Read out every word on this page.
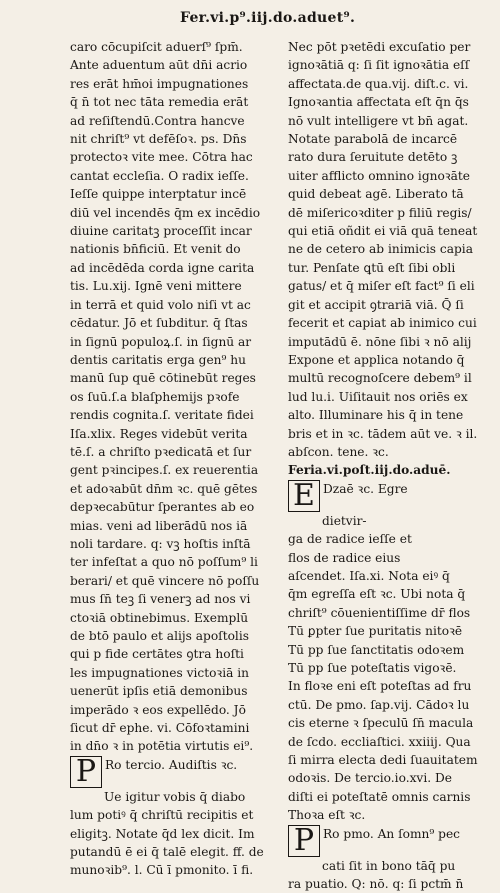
Fer.vi.p⁹.iij.do.aduet⁹.
caro cōcupiſcit aduerſ⁹ ſpm̄.
Ante aduentum aūt dn̄i acrio
res erāt hm̄oi impugnationes
q̄ n̄ tot nec tāta remedia erāt
ad reſiſtendū.Contra hancve
nit chriſt⁹ vt defēſoꝛ. ps. Dn̄s
protectoꝛ vite mee. Cōtra hac
cantat eccleſia. O radix ieſſe.
Ieſſe quippe interptatur incē
diū vel incendēs q̄m ex incēdio
diuine caritatꝫ proceſſit incar
nationis bn̄ficiū. Et venit do
ad incēdēda corda igne carita
tis. Lu.xij. Ignē veni mittere
in terrā et quid volo niſi vt ac
cēdatur. Jō et ſubditur. q̄ ſtas
in ſignū populoꝝ.ſ. in ſignū ar
dentis caritatis erga gen⁹ hu
manū ſup quē cōtinebūt reges
os ſuū.ſ.a blaſphemijs pꝛofe
rendis cognita.ſ. veritate fidei
Iſa.xlix. Reges videbūt verita
tē.ſ. a chriſto pꝛedicatā et ſur
gent pꝛincipes.ſ. ex reuerentia
et adoꝛabūt dn̄m ꝛc. quē gētes
depꝛecabūtur ſperantes ab eo
mias. veni ad liberādū nos iā
noli tardare. q: vꝫ hoſtis inſtā
ter infeſtat a quo nō poſſum⁹ li
berari/ et quē vincere nō poſſu
mus ſn̄ teꝫ ſi venerꝫ ad nos vi
ctoꝛiā obtinebimus. Exemplū
de btō paulo et alijs apoſtolis
qui p fide certātes ꝯtra hoſti
les impugnationes victoꝛiā in
uenerūt ipſis etiā demonibus
imperādo ꝛ eos expellēdo. Jō
ſicut dr̄ ephe. vi. Cōfoꝛtamini
in dn̄o ꝛ in potētia virtutis ei⁹.
P Ro tercio. Audiſtis ꝛc.
Ue igitur vobis q̄ diabo
lum potiꝰ q̄ chriſtū recipitis et
eligitꝫ. Notate q̄d lex dicit. Im
putandū ē ei q̄ talē elegit. ff. de
munoꝛib⁹. l. Cū ī pmonito. ī fi.
Nec pōt pꝛetēdi excuſatio per
ignoꝛātiā q: ſi ſit ignoꝛātia eſſ
affectata.de qua.vij. diſt.c. vi.
Ignoꝛantia affectata eſt q̄n q̄s
nō vult intelligere vt bn̄ agat.
Notate parabolā de incarcē
rato dura ſeruitute detēto ꝫ
uiter afflicto omnino ignoꝛāte
quid debeat agē. Liberato tā
dē miſericoꝛditer p filiū regis/
qui etiā oñdit ei viā quā teneat
ne de cetero ab inimicis capia
tur. Penſate ꝗtū eſt ſibi obli
gatus/ et q̄ miſer eſt fact⁹ ſi eli
git et accipit ꝯtrariā viā. Q̄ ſi
fecerit et capiat ab inimico cui
imputādū ē. nōne ſibi ꝛ nō alij
Expone et applica notando q̄
multū recognoſcere debem⁹ il
lud lu.i. Uiſitauit nos oriēs ex
alto. Illuminare his q̄ in tene
bris et in ꝛc. tādem aūt ve. ꝛ il.
abſcon. tene. ꝛc.
Feria.vi.poſt.iij.do.aduē.
E Dzaē ꝛc. Egre
dietvir-
ga de radice ieſſe et
flos de radice eius
aſcendet. Iſa.xi. Nota eiꝰ q̄
q̄m egreſſa eſt ꝛc. Ubi nota q̄
chriſt⁹ cōuenientiſſime dr̄ flos
Tū ꝑpter ſue puritatis nitoꝛē
Tū pp ſue ſanctitatis odoꝛem
Tū pp ſue poteſtatis vigoꝛē.
In floꝛe eni eſt poteſtas ad fru
ctū. De pmo. ſap.vij. Cādoꝛ lu
cis eterne ꝛ ſpeculū ſn̄ macula
de ſcdo. eccliaſtici. xxiiij. Qua
ſi mirra electa dedi ſuauitatem
odoꝛis. De tercio.io.xvi. De
diſti ei poteſtatē omnis carnis
Thoꝛa eſt ꝛc.
P Ro pmo. An ſomn⁹ pec
cati ſit in bono tāq̄ pu
ra puatio. Q: nō. q: ſi pctm̄ n̄
